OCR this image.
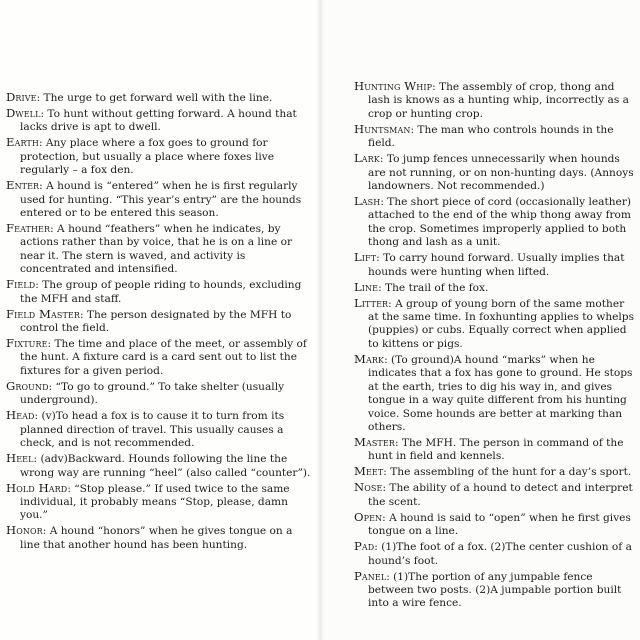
Drive: The urge to get forward well with the line.
Dwell: To hunt without getting forward. A hound that lacks drive is apt to dwell.
Earth: Any place where a fox goes to ground for protection, but usually a place where foxes live regularly – a fox den.
Enter: A hound is “entered” when he is first regularly used for hunting. “This year’s entry” are the hounds entered or to be entered this season.
Feather: A hound “feathers” when he indicates, by actions rather than by voice, that he is on a line or near it. The stern is waved, and activity is concentrated and intensified.
Field: The group of people riding to hounds, excluding the MFH and staff.
Field Master: The person designated by the MFH to control the field.
Fixture: The time and place of the meet, or assembly of the hunt. A fixture card is a card sent out to list the fixtures for a given period.
Ground: “To go to ground.” To take shelter (usually underground).
Head: (v)To head a fox is to cause it to turn from its planned direction of travel. This usually causes a check, and is not recommended.
Heel: (adv)Backward. Hounds following the line the wrong way are running “heel” (also called “counter”).
Hold Hard: “Stop please.” If used twice to the same individual, it probably means “Stop, please, damn you.”
Honor: A hound “honors” when he gives tongue on a line that another hound has been hunting.
Hunting Whip: The assembly of crop, thong and lash is knows as a hunting whip, incorrectly as a crop or hunting crop.
Huntsman: The man who controls hounds in the field.
Lark: To jump fences unnecessarily when hounds are not running, or on non-hunting days. (Annoys landowners. Not recommended.)
Lash: The short piece of cord (occasionally leather) attached to the end of the whip thong away from the crop. Sometimes improperly applied to both thong and lash as a unit.
Lift: To carry hound forward. Usually implies that hounds were hunting when lifted.
Line: The trail of the fox.
Litter: A group of young born of the same mother at the same time. In foxhunting applies to whelps (puppies) or cubs. Equally correct when applied to kittens or pigs.
Mark: (To ground)A hound “marks” when he indicates that a fox has gone to ground. He stops at the earth, tries to dig his way in, and gives tongue in a way quite different from his hunting voice. Some hounds are better at marking than others.
Master: The MFH. The person in command of the hunt in field and kennels.
Meet: The assembling of the hunt for a day’s sport.
Nose: The ability of a hound to detect and interpret the scent.
Open: A hound is said to “open” when he first gives tongue on a line.
Pad: (1)The foot of a fox. (2)The center cushion of a hound’s foot.
Panel: (1)The portion of any jumpable fence between two posts. (2)A jumpable portion built into a wire fence.
